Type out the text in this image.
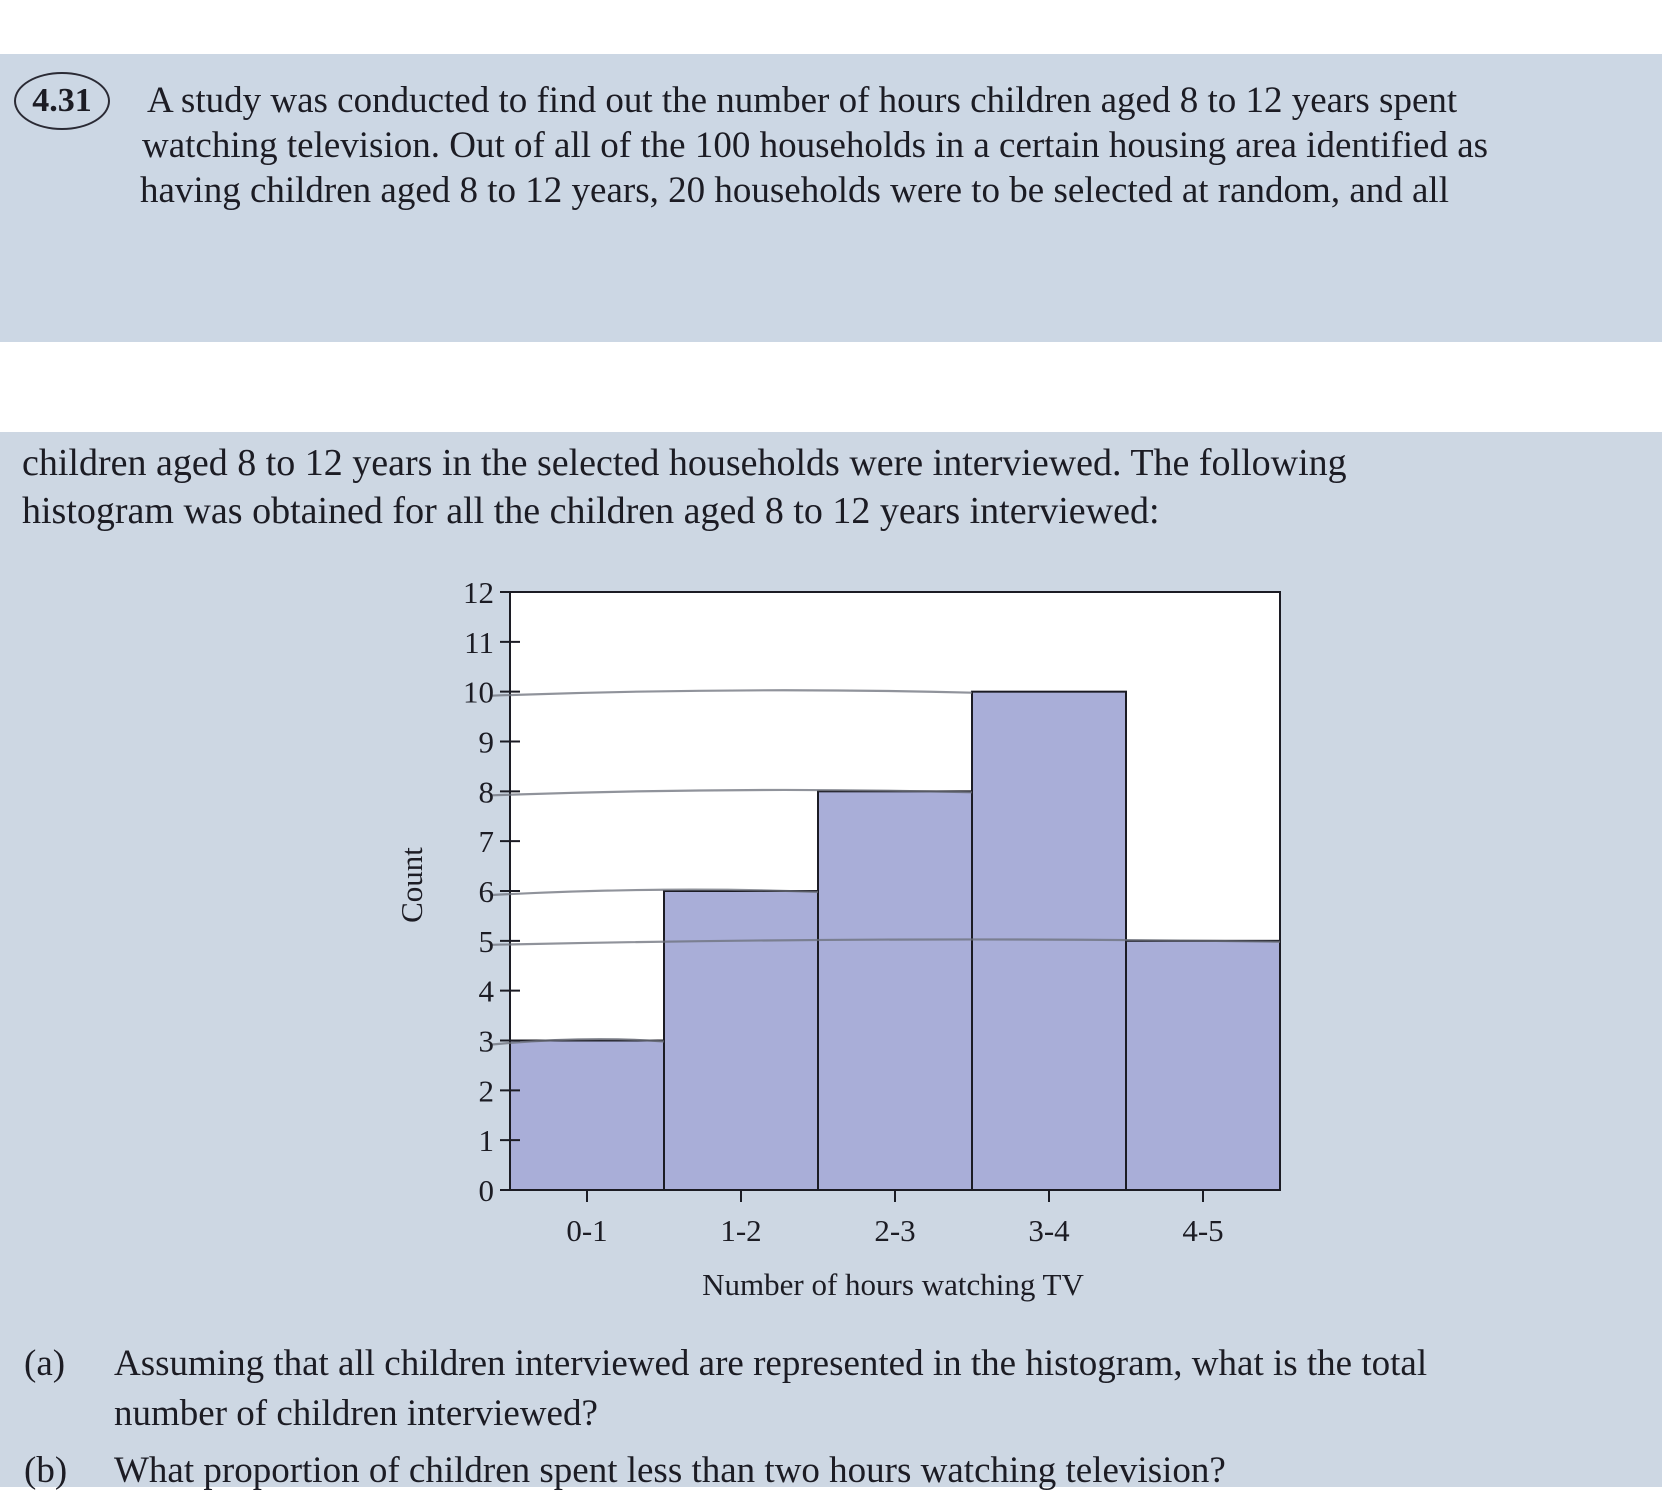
4.31	A study was conducted to find out the number of hours children aged 8 to 12 years spent
watching television. Out of all of the 100 households in a certain housing area identified as
having children aged 8 to 12 years, 20 households were to be selected at random, and all
children aged 8 to 12 years in the selected households were interviewed. The following
histogram was obtained for all the children aged 8 to 12 years interviewed:
0
1
2
3
4
5
6
7
8
9
10
11
12
0-1	1-2	2-3	3-4	4-5
Count
Number of hours watching TV
(a) Assuming that all children interviewed are represented in the histogram, what is the total
number of children interviewed?
(b) What proportion of children spent less than two hours watching television?
